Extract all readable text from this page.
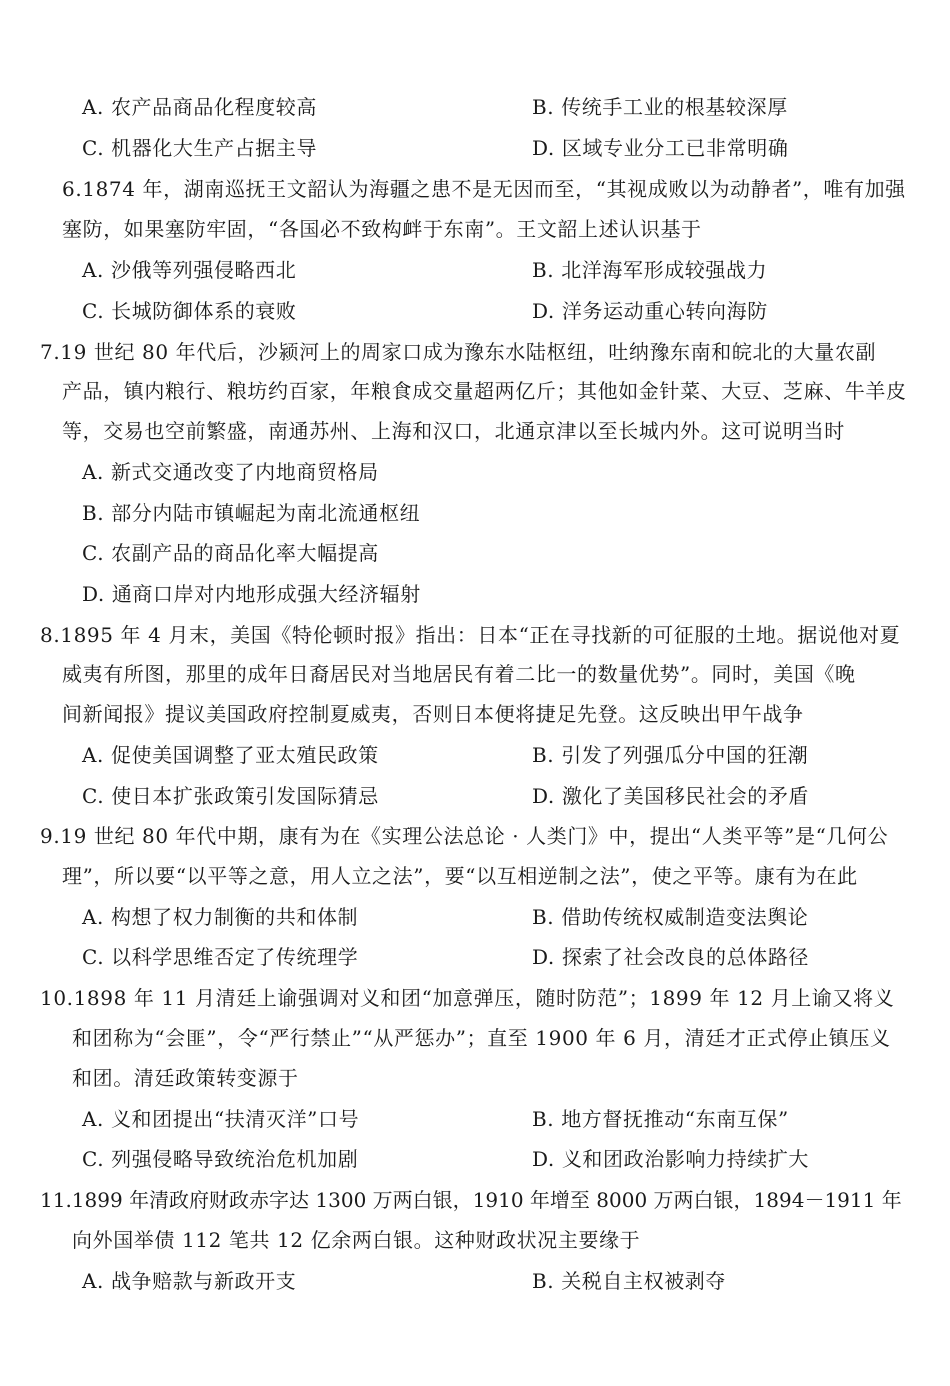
A. 农产品商品化程度较高	B. 传统手工业的根基较深厚
C. 机器化大生产占据主导	D. 区域专业分工已非常明确
6.1874 年，湖南巡抚王文韶认为海疆之患不是无因而至，“其视成败以为动静者”，唯有加强
塞防，如果塞防牢固，“各国必不致构衅于东南”。王文韶上述认识基于
A. 沙俄等列强侵略西北	B. 北洋海军形成较强战力
C. 长城防御体系的衰败	D. 洋务运动重心转向海防
7.19 世纪 80 年代后，沙颍河上的周家口成为豫东水陆枢纽，吐纳豫东南和皖北的大量农副
产品，镇内粮行、粮坊约百家，年粮食成交量超两亿斤；其他如金针菜、大豆、芝麻、牛羊皮
等，交易也空前繁盛，南通苏州、上海和汉口，北通京津以至长城内外。这可说明当时
A. 新式交通改变了内地商贸格局
B. 部分内陆市镇崛起为南北流通枢纽
C. 农副产品的商品化率大幅提高
D. 通商口岸对内地形成强大经济辐射
8.1895 年 4 月末，美国《特伦顿时报》指出：日本“正在寻找新的可征服的土地。据说他对夏
威夷有所图，那里的成年日裔居民对当地居民有着二比一的数量优势”。同时，美国《晚
间新闻报》提议美国政府控制夏威夷，否则日本便将捷足先登。这反映出甲午战争
A. 促使美国调整了亚太殖民政策	B. 引发了列强瓜分中国的狂潮
C. 使日本扩张政策引发国际猜忌	D. 激化了美国移民社会的矛盾
9.19 世纪 80 年代中期，康有为在《实理公法总论 · 人类门》中，提出“人类平等”是“几何公
理”，所以要“以平等之意，用人立之法”，要“以互相逆制之法”，使之平等。康有为在此
A. 构想了权力制衡的共和体制	B. 借助传统权威制造变法舆论
C. 以科学思维否定了传统理学	D. 探索了社会改良的总体路径
10.1898 年 11 月清廷上谕强调对义和团“加意弹压，随时防范”；1899 年 12 月上谕又将义
和团称为“会匪”，令“严行禁止”“从严惩办”；直至 1900 年 6 月，清廷才正式停止镇压义
和团。清廷政策转变源于
A. 义和团提出“扶清灭洋”口号	B. 地方督抚推动“东南互保”
C. 列强侵略导致统治危机加剧	D. 义和团政治影响力持续扩大
11.1899 年清政府财政赤字达 1300 万两白银，1910 年增至 8000 万两白银，1894－1911 年
向外国举债 112 笔共 12 亿余两白银。这种财政状况主要缘于
A. 战争赔款与新政开支	B. 关税自主权被剥夺
